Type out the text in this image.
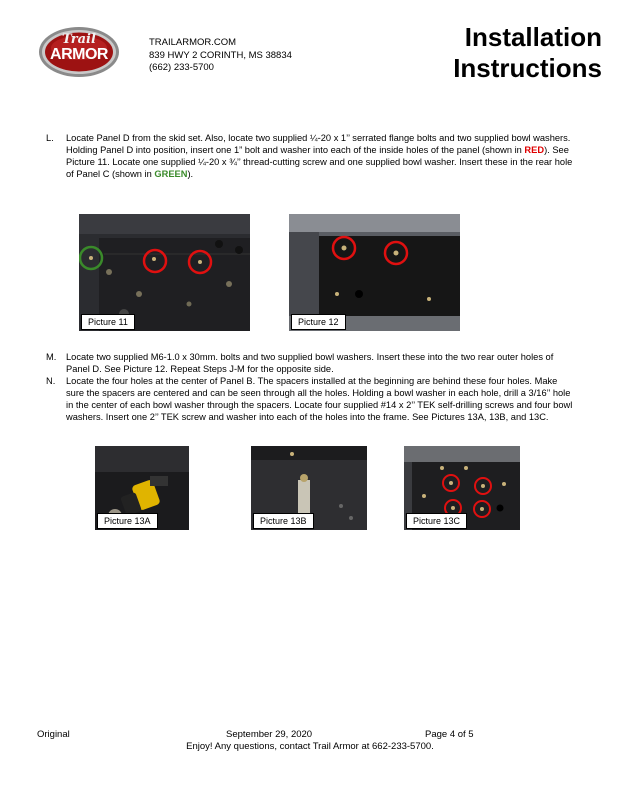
Trail
ARMOR
TRAILARMOR.COM
839 HWY 2 CORINTH, MS 38834
(662) 233-5700
Installation
Instructions
L. Locate Panel D from the skid set. Also, locate two supplied ¼-20 x 1’’ serrated flange bolts and two supplied bowl washers. Holding Panel D into position, insert one 1” bolt and washer into each of the inside holes of the panel (shown in RED). See Picture 11. Locate one supplied ¼-20 x ¾’’ thread-cutting screw and one supplied bowl washer. Insert these in the rear hole of Panel C (shown in GREEN).
Picture 11	Picture 12
M. Locate two supplied M6-1.0 x 30mm. bolts and two supplied bowl washers. Insert these into the two rear outer holes of Panel D. See Picture 12. Repeat Steps J-M for the opposite side.
N. Locate the four holes at the center of Panel B. The spacers installed at the beginning are behind these four holes. Make sure the spacers are centered and can be seen through all the holes. Holding a bowl washer in each hole, drill a 3/16’’ hole in the center of each bowl washer through the spacers. Locate four supplied #14 x 2’’ TEK self-drilling screws and four bowl washers. Insert one 2’’ TEK screw and washer into each of the holes into the frame. See Pictures 13A, 13B, and 13C.
Picture 13A	Picture 13B	Picture 13C
Original	September 29, 2020	Page 4 of 5
Enjoy! Any questions, contact Trail Armor at 662-233-5700.
